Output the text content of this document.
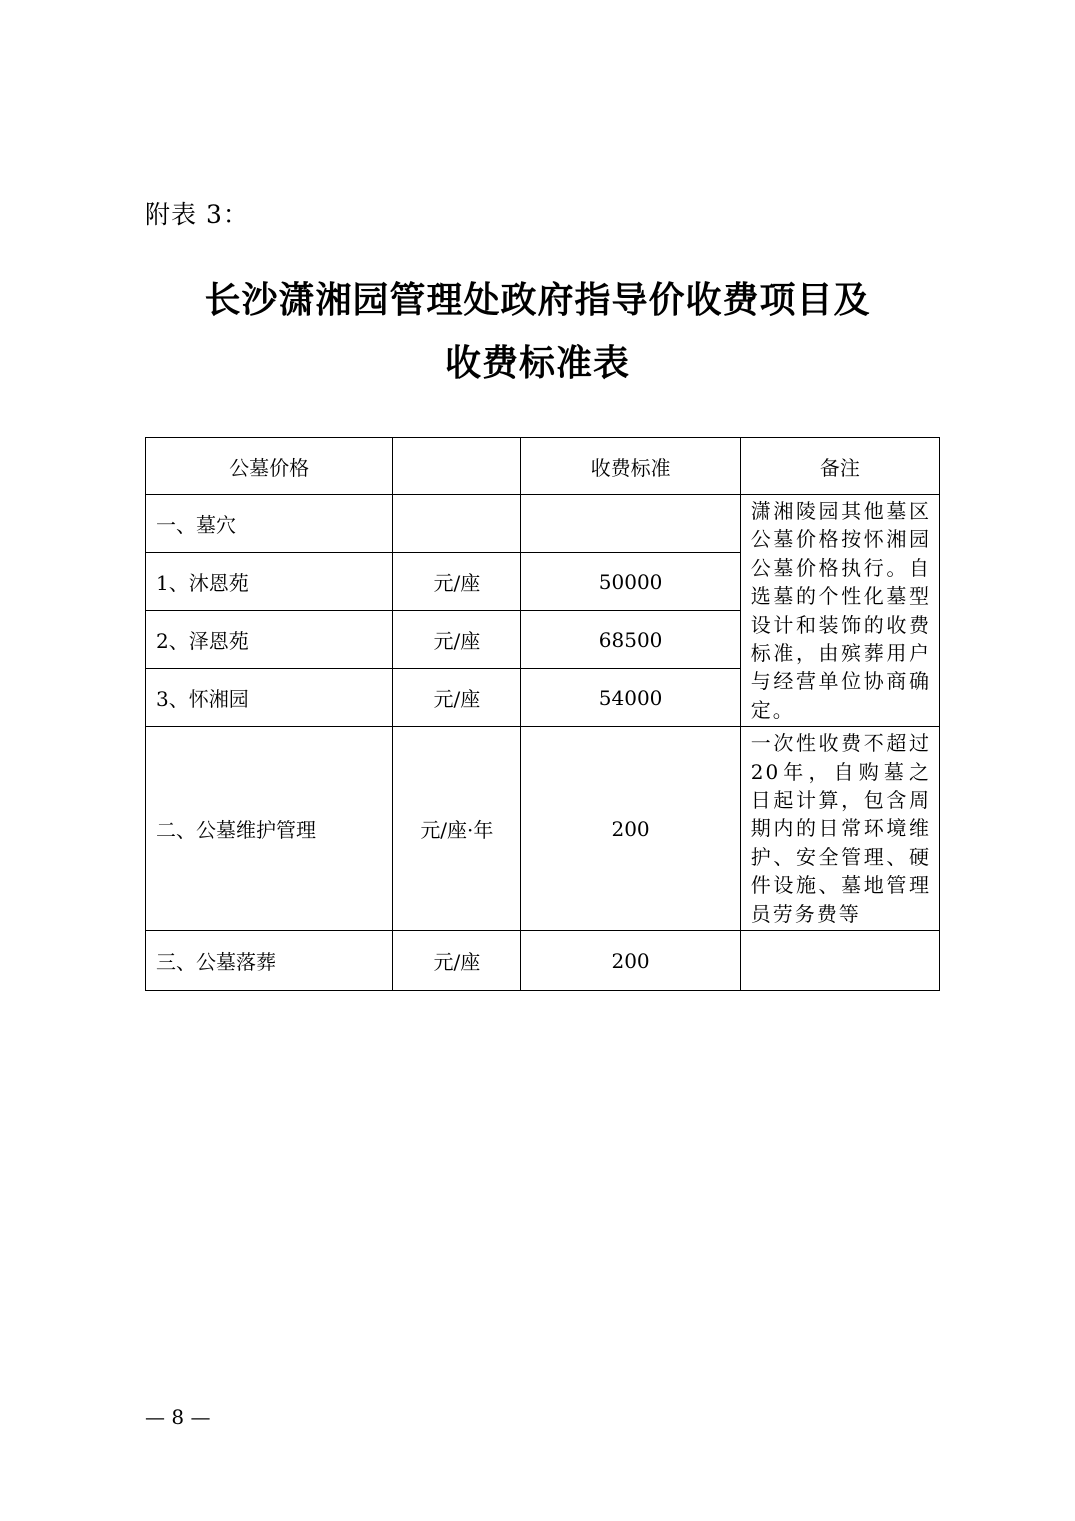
附表 3：
长沙潇湘园管理处政府指导价收费项目及
收费标准表
公墓价格		收费标准	备注
一、墓穴			潇湘陵园其他墓区公墓价格按怀湘园公墓价格执行。自选墓的个性化墓型设计和装饰的收费标准，由殡葬用户与经营单位协商确定。
1、沐恩苑	元/座	50000	
2、泽恩苑	元/座	68500	
3、怀湘园	元/座	54000	
二、公墓维护管理	元/座·年	200	一次性收费不超过20年，自购墓之日起计算，包含周期内的日常环境维护、安全管理、硬件设施、墓地管理员劳务费等
三、公墓落葬	元/座	200	
— 8 —
